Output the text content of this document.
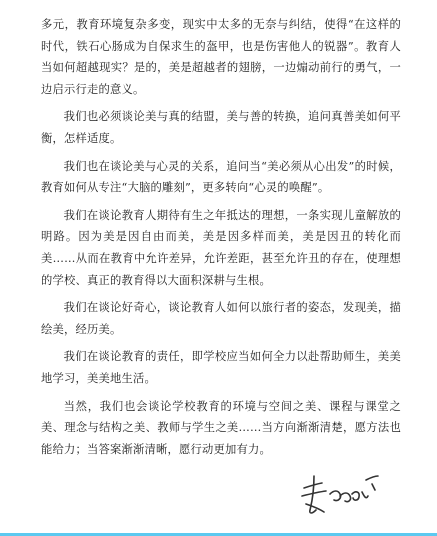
多元，教育环境复杂多变，现实中太多的无奈与纠结，使得“在这样的时代，铁石心肠成为自保求生的盔甲，也是伤害他人的锐器”。教育人当如何超越现实？是的，美是超越者的翅膀，一边煽动前行的勇气，一边启示行走的意义。

我们也必须谈论美与真的结盟，美与善的转换，追问真善美如何平衡，怎样适度。

我们也在谈论美与心灵的关系，追问当“美必须从心出发”的时候，教育如何从专注“大脑的雕刻”，更多转向“心灵的唤醒”。

我们在谈论教育人期待有生之年抵达的理想，一条实现儿童解放的明路。因为美是因自由而美，美是因多样而美，美是因丑的转化而美……从而在教育中允许差异，允许差距，甚至允许丑的存在，使理想的学校、真正的教育得以大面积深耕与生根。

我们在谈论好奇心，谈论教育人如何以旅行者的姿态，发现美，描绘美，经历美。

我们在谈论教育的责任，即学校应当如何全力以赴帮助师生，美美地学习，美美地生活。

当然，我们也会谈论学校教育的环境与空间之美、课程与课堂之美、理念与结构之美、教师与学生之美……当方向渐渐清楚，愿方法也能给力；当答案渐渐清晰，愿行动更加有力。
